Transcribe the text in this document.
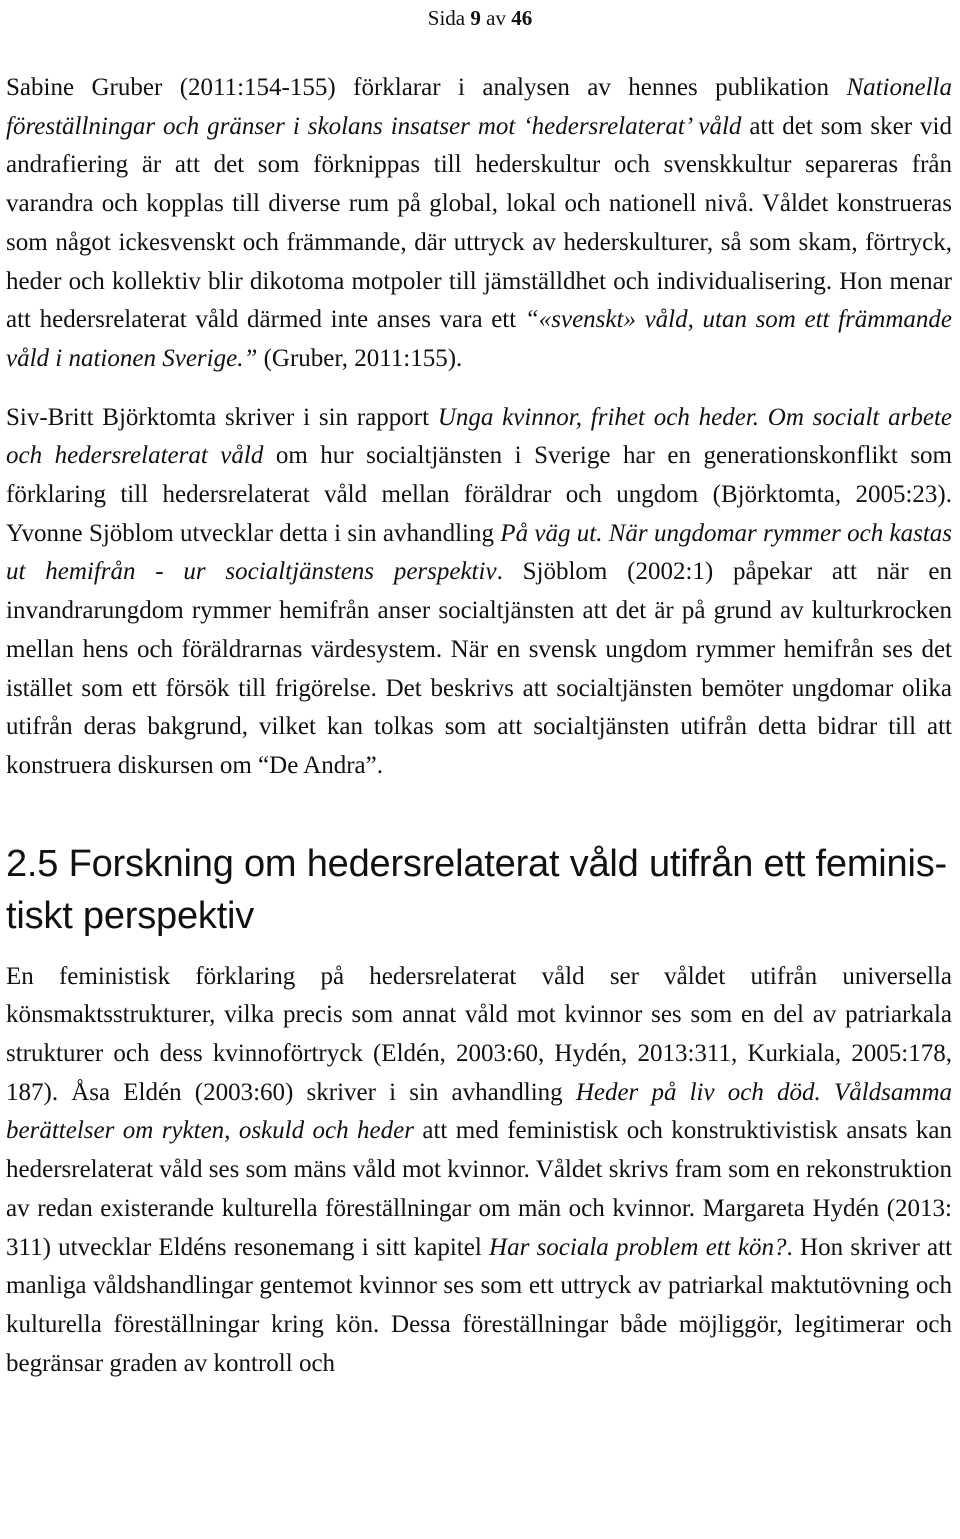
Sida 9 av 46

Sabine Gruber (2011:154-155) förklarar i analysen av hennes publikation Nationella föreställningar och gränser i skolans insatser mot ‘hedersrelaterat’ våld att det som sker vid andrafiering är att det som förknippas till hederskultur och svenskkultur separeras från varandra och kopplas till diverse rum på global, lokal och nationell nivå. Våldet konstrueras som något ickesvenskt och främmande, där uttryck av hederskulturer, så som skam, förtryck, heder och kollektiv blir dikotoma motpoler till jämställdhet och individualisering. Hon menar att hedersrelaterat våld därmed inte anses vara ett “«svenskt» våld, utan som ett främmande våld i nationen Sverige.” (Gruber, 2011:155).

Siv-Britt Björktomta skriver i sin rapport Unga kvinnor, frihet och heder. Om socialt arbete och hedersrelaterat våld om hur socialtjänsten i Sverige har en generationskonflikt som förklaring till hedersrelaterat våld mellan föräldrar och ungdom (Björktomta, 2005:23). Yvonne Sjöblom utvecklar detta i sin avhandling På väg ut. När ungdomar rymmer och kastas ut hemifrån - ur socialtjänstens perspektiv. Sjöblom (2002:1) påpekar att när en invandrarungdom rymmer hemifrån anser socialtjänsten att det är på grund av kulturkrocken mellan hens och föräldrarnas värdesystem. När en svensk ungdom rymmer hemifrån ses det istället som ett försök till frigörelse. Det beskrivs att socialtjänsten bemöter ungdomar olika utifrån deras bakgrund, vilket kan tolkas som att socialtjänsten utifrån detta bidrar till att konstruera diskursen om “De Andra”.

2.5 Forskning om hedersrelaterat våld utifrån ett feministiskt perspektiv

En feministisk förklaring på hedersrelaterat våld ser våldet utifrån universella könsmaktsstrukturer, vilka precis som annat våld mot kvinnor ses som en del av patriarkala strukturer och dess kvinnoförtryck (Eldén, 2003:60, Hydén, 2013:311, Kurkiala, 2005:178, 187). Åsa Eldén (2003:60) skriver i sin avhandling Heder på liv och död. Våldsamma berättelser om rykten, oskuld och heder att med feministisk och konstruktivistisk ansats kan hedersrelaterat våld ses som mäns våld mot kvinnor. Våldet skrivs fram som en rekonstruktion av redan existerande kulturella föreställningar om män och kvinnor. Margareta Hydén (2013: 311) utvecklar Eldéns resonemang i sitt kapitel Har sociala problem ett kön?. Hon skriver att manliga våldshandlingar gentemot kvinnor ses som ett uttryck av patriarkal maktutövning och kulturella föreställningar kring kön. Dessa föreställningar både möjliggör, legitimerar och begränsar graden av kontroll och
